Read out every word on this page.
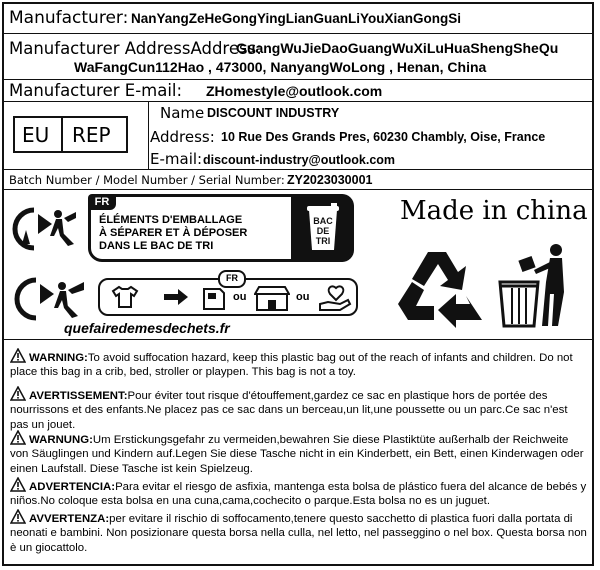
Manufacturer: NanYangZeHeGongYingLianGuanLiYouXianGongSi
Manufacturer AddressAddress:
GuangWuJieDaoGuangWuXiLuHuaShengSheQu
WaFangCun112Hao , 473000, NanyangWoLong , Henan, China
Manufacturer E-mail: ZHomestyle@outlook.com
EU REP
Name DISCOUNT INDUSTRY
Address: 10 Rue Des Grands Pres, 60230 Chambly, Oise, France
E-mail: discount-industry@outlook.com
Batch Number / Model Number / Serial Number: ZY2023030001
FR
ÉLÉMENTS D'EMBALLAGE
À SÉPARER ET À DÉPOSER
DANS LE BAC DE TRI
BAC
DE
TRI
Made in china
FR
ou	ou
quefairedemesdechets.fr
WARNING:To avoid suffocation hazard, keep this plastic bag out of the reach of infants and children. Do not place this bag in a crib, bed, stroller or playpen. This bag is not a toy.
AVERTISSEMENT:Pour éviter tout risque d'étouffement,gardez ce sac en plastique hors de portée des nourrissons et des enfants.Ne placez pas ce sac dans un berceau,un lit,une poussette ou un parc.Ce sac n'est pas un jouet.
WARNUNG:Um Erstickungsgefahr zu vermeiden,bewahren Sie diese Plastiktüte außerhalb der Reichweite von Säuglingen und Kindern auf.Legen Sie diese Tasche nicht in ein Kinderbett, ein Bett, einen Kinderwagen oder einen Laufstall. Diese Tasche ist kein Spielzeug.
ADVERTENCIA:Para evitar el riesgo de asfixia, mantenga esta bolsa de plástico fuera del alcance de bebés y niños.No coloque esta bolsa en una cuna,cama,cochecito o parque.Esta bolsa no es un juguet.
AVVERTENZA:per evitare il rischio di soffocamento,tenere questo sacchetto di plastica fuori dalla portata di neonati e bambini. Non posizionare questa borsa nella culla, nel letto, nel passeggino o nel box. Questa borsa non è un giocattolo.
